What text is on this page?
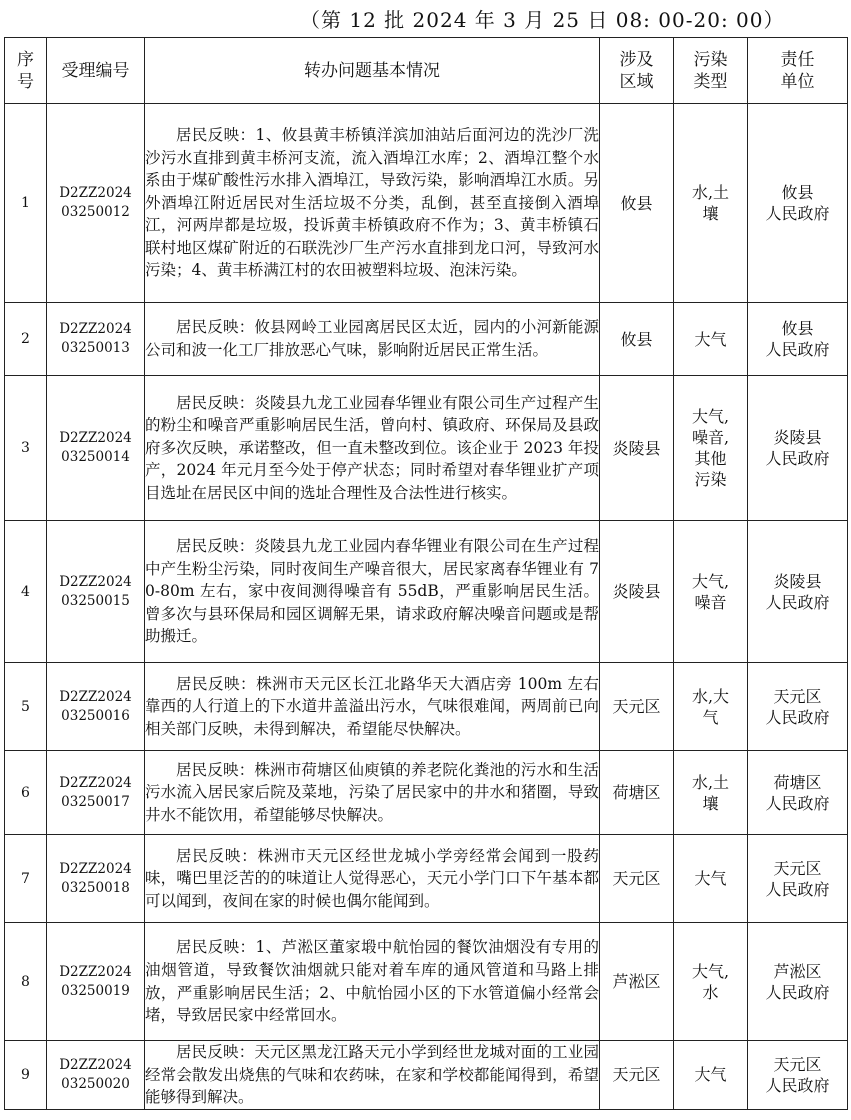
（第 12 批 2024 年 3 月 25 日 08: 00-20: 00）
序
号	受理编号	转办问题基本情况	涉及
区域	污染
类型	责任
单位
1	D2ZZ2024
03250012	居民反映：1、攸县黄丰桥镇洋滨加油站后面河边的洗沙厂洗沙污水直排到黄丰桥河支流，流入酒埠江水库；2、酒埠江整个水系由于煤矿酸性污水排入酒埠江，导致污染，影响酒埠江水质。另外酒埠江附近居民对生活垃圾不分类，乱倒，甚至直接倒入酒埠江，河两岸都是垃圾，投诉黄丰桥镇政府不作为；3、黄丰桥镇石联村地区煤矿附近的石联洗沙厂生产污水直排到龙口河，导致河水污染；4、黄丰桥满江村的农田被塑料垃圾、泡沫污染。	攸县	水,土
壤	攸县
人民政府

2	D2ZZ2024
03250013	居民反映：攸县网岭工业园离居民区太近，园内的小河新能源公司和波一化工厂排放恶心气味，影响附近居民正常生活。	攸县	大气	攸县
人民政府

3	D2ZZ2024
03250014	居民反映：炎陵县九龙工业园春华锂业有限公司生产过程产生的粉尘和噪音严重影响居民生活，曾向村、镇政府、环保局及县政府多次反映，承诺整改，但一直未整改到位。该企业于 2023 年投产，2024 年元月至今处于停产状态；同时希望对春华锂业扩产项目选址在居民区中间的选址合理性及合法性进行核实。	炎陵县	大气,
噪音,
其他
污染	炎陵县
人民政府

4	D2ZZ2024
03250015	居民反映：炎陵县九龙工业园内春华锂业有限公司在生产过程中产生粉尘污染，同时夜间生产噪音很大，居民家离春华锂业有 70-80m 左右，家中夜间测得噪音有 55dB，严重影响居民生活。曾多次与县环保局和园区调解无果，请求政府解决噪音问题或是帮助搬迁。	炎陵县	大气,
噪音	炎陵县
人民政府

5	D2ZZ2024
03250016	居民反映：株洲市天元区长江北路华天大酒店旁 100m 左右靠西的人行道上的下水道井盖溢出污水，气味很难闻，两周前已向相关部门反映，未得到解决，希望能尽快解决。	天元区	水,大
气	天元区
人民政府

6	D2ZZ2024
03250017	居民反映：株洲市荷塘区仙庾镇的养老院化粪池的污水和生活污水流入居民家后院及菜地，污染了居民家中的井水和猪圈，导致井水不能饮用，希望能够尽快解决。	荷塘区	水,土
壤	荷塘区
人民政府

7	D2ZZ2024
03250018	居民反映：株洲市天元区经世龙城小学旁经常会闻到一股药味，嘴巴里泛苦的的味道让人觉得恶心，天元小学门口下午基本都可以闻到，夜间在家的时候也偶尔能闻到。	天元区	大气	天元区
人民政府

8	D2ZZ2024
03250019	居民反映：1、芦淞区董家塅中航怡园的餐饮油烟没有专用的油烟管道，导致餐饮油烟就只能对着车库的通风管道和马路上排放，严重影响居民生活；2、中航怡园小区的下水管道偏小经常会堵，导致居民家中经常回水。	芦淞区	大气,
水	芦淞区
人民政府

9	D2ZZ2024
03250020	居民反映：天元区黑龙江路天元小学到经世龙城对面的工业园经常会散发出烧焦的气味和农药味，在家和学校都能闻得到，希望能够得到解决。	天元区	大气	天元区
人民政府
